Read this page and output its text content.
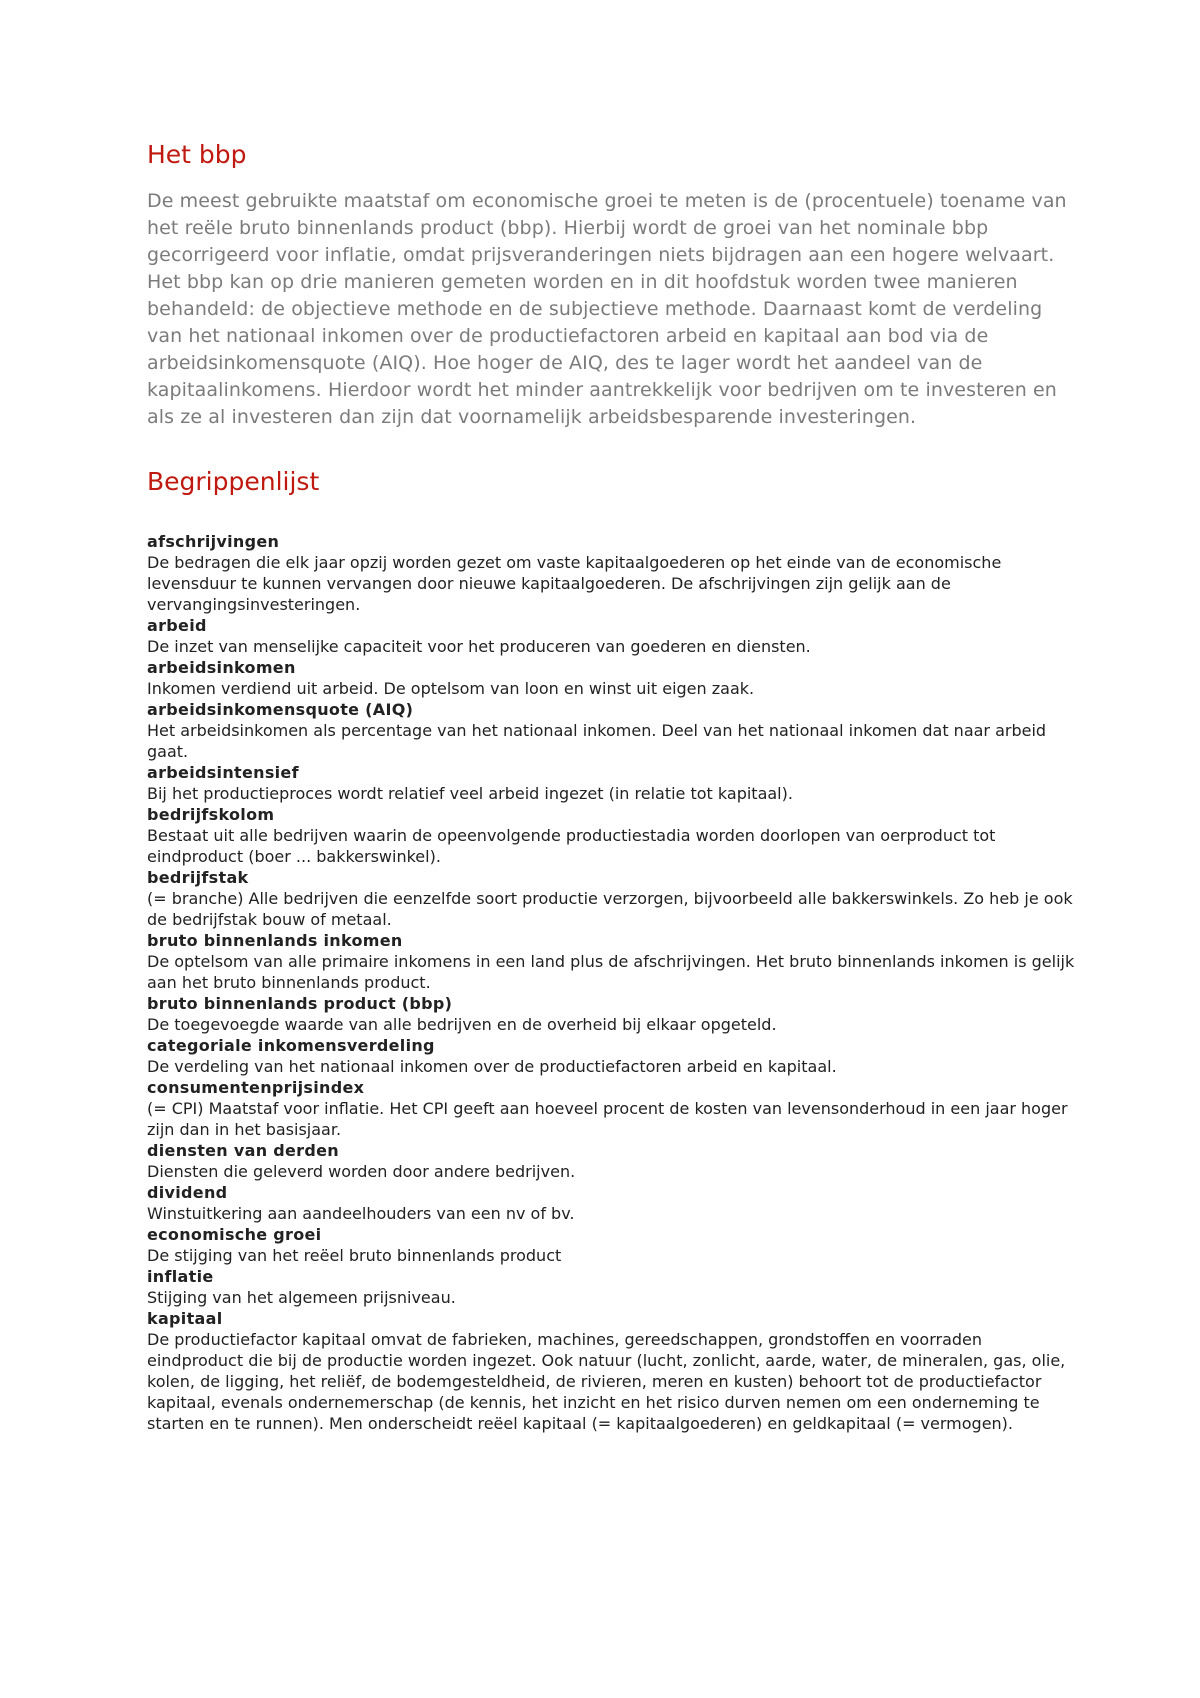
Het bbp

De meest gebruikte maatstaf om economische groei te meten is de (procentuele) toename van het reële bruto binnenlands product (bbp). Hierbij wordt de groei van het nominale bbp gecorrigeerd voor inflatie, omdat prijsveranderingen niets bijdragen aan een hogere welvaart. Het bbp kan op drie manieren gemeten worden en in dit hoofdstuk worden twee manieren behandeld: de objectieve methode en de subjectieve methode. Daarnaast komt de verdeling van het nationaal inkomen over de productiefactoren arbeid en kapitaal aan bod via de arbeidsinkomensquote (AIQ). Hoe hoger de AIQ, des te lager wordt het aandeel van de kapitaalinkomens. Hierdoor wordt het minder aantrekkelijk voor bedrijven om te investeren en als ze al investeren dan zijn dat voornamelijk arbeidsbesparende investeringen.

Begrippenlijst

afschrijvingen

De bedragen die elk jaar opzij worden gezet om vaste kapitaalgoederen op het einde van de economische levensduur te kunnen vervangen door nieuwe kapitaalgoederen. De afschrijvingen zijn gelijk aan de vervangingsinvesteringen.

arbeid

De inzet van menselijke capaciteit voor het produceren van goederen en diensten.

arbeidsinkomen

Inkomen verdiend uit arbeid. De optelsom van loon en winst uit eigen zaak.

arbeidsinkomensquote (AIQ)

Het arbeidsinkomen als percentage van het nationaal inkomen. Deel van het nationaal inkomen dat naar arbeid gaat.

arbeidsintensief

Bij het productieproces wordt relatief veel arbeid ingezet (in relatie tot kapitaal).

bedrijfskolom

Bestaat uit alle bedrijven waarin de opeenvolgende productiestadia worden doorlopen van oerproduct tot eindproduct (boer ... bakkerswinkel).

bedrijfstak

(= branche) Alle bedrijven die eenzelfde soort productie verzorgen, bijvoorbeeld alle bakkerswinkels. Zo heb je ook de bedrijfstak bouw of metaal.

bruto binnenlands inkomen

De optelsom van alle primaire inkomens in een land plus de afschrijvingen. Het bruto binnenlands inkomen is gelijk aan het bruto binnenlands product.

bruto binnenlands product (bbp)

De toegevoegde waarde van alle bedrijven en de overheid bij elkaar opgeteld.

categoriale inkomensverdeling

De verdeling van het nationaal inkomen over de productiefactoren arbeid en kapitaal.

consumentenprijsindex

(= CPI) Maatstaf voor inflatie. Het CPI geeft aan hoeveel procent de kosten van levensonderhoud in een jaar hoger zijn dan in het basisjaar.

diensten van derden

Diensten die geleverd worden door andere bedrijven.

dividend

Winstuitkering aan aandeelhouders van een nv of bv.

economische groei

De stijging van het reëel bruto binnenlands product

inflatie

Stijging van het algemeen prijsniveau.

kapitaal

De productiefactor kapitaal omvat de fabrieken, machines, gereedschappen, grondstoffen en voorraden eindproduct die bij de productie worden ingezet. Ook natuur (lucht, zonlicht, aarde, water, de mineralen, gas, olie, kolen, de ligging, het reliëf, de bodemgesteldheid, de rivieren, meren en kusten) behoort tot de productiefactor kapitaal, evenals ondernemerschap (de kennis, het inzicht en het risico durven nemen om een onderneming te starten en te runnen). Men onderscheidt reëel kapitaal (= kapitaalgoederen) en geldkapitaal (= vermogen).
